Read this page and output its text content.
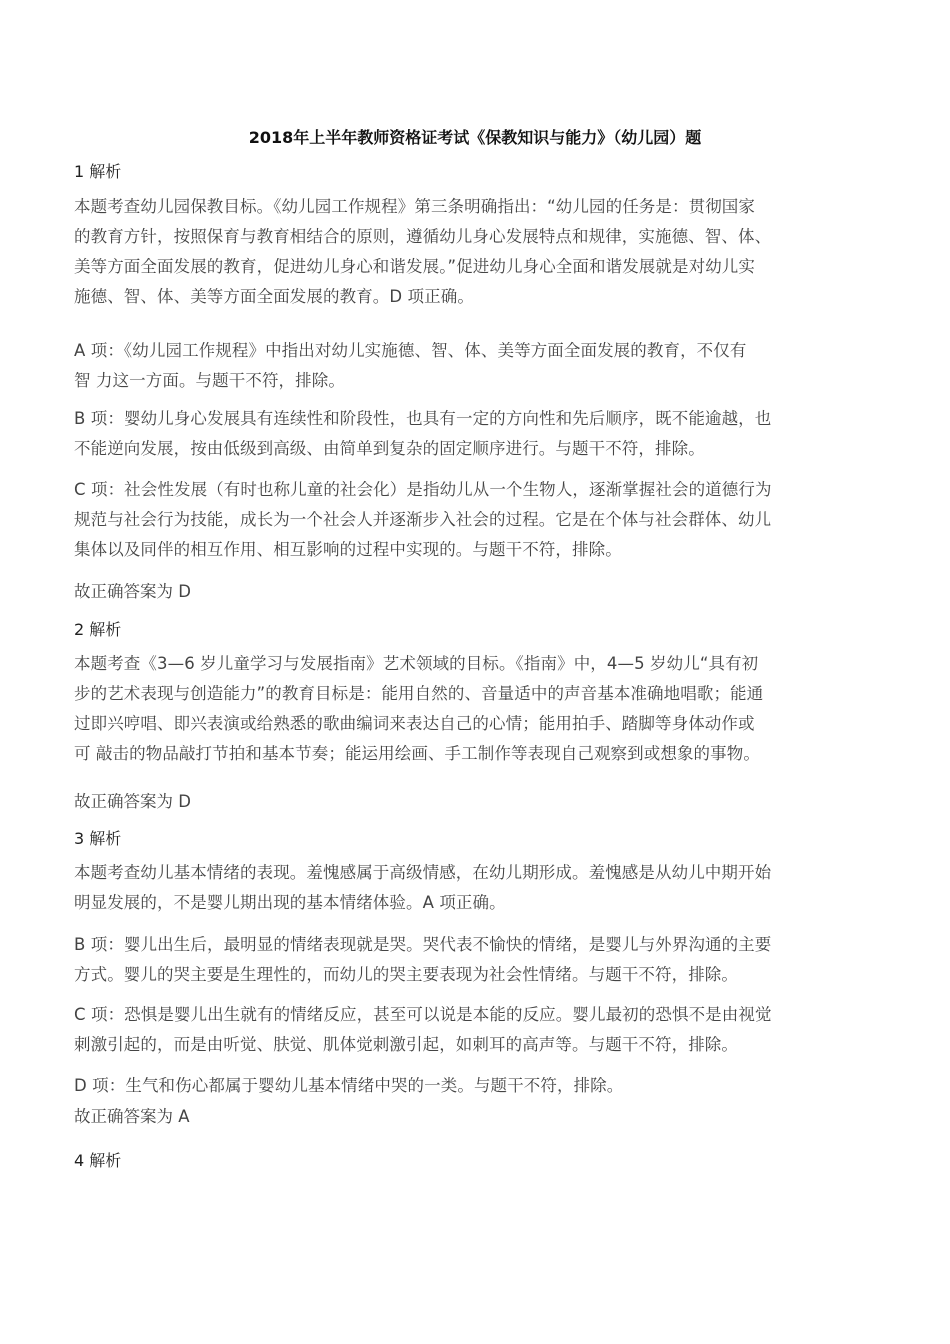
2018年上半年教师资格证考试《保教知识与能力》（幼儿园）题
1 解析
本题考查幼儿园保教目标。《幼儿园工作规程》第三条明确指出：“幼儿园的任务是：贯彻国家
的教育方针，按照保育与教育相结合的原则，遵循幼儿身心发展特点和规律，实施德、智、体、
美等方面全面发展的教育，促进幼儿身心和谐发展。”促进幼儿身心全面和谐发展就是对幼儿实
施德、智、体、美等方面全面发展的教育。D 项正确。
A 项：《幼儿园工作规程》中指出对幼儿实施德、智、体、美等方面全面发展的教育，不仅有
智 力这一方面。与题干不符，排除。
B 项：婴幼儿身心发展具有连续性和阶段性，也具有一定的方向性和先后顺序，既不能逾越，也
不能逆向发展，按由低级到高级、由简单到复杂的固定顺序进行。与题干不符，排除。
C 项：社会性发展（有时也称儿童的社会化）是指幼儿从一个生物人，逐渐掌握社会的道德行为
规范与社会行为技能，成长为一个社会人并逐渐步入社会的过程。它是在个体与社会群体、幼儿
集体以及同伴的相互作用、相互影响的过程中实现的。与题干不符，排除。
故正确答案为 D
2 解析
本题考查《3—6 岁儿童学习与发展指南》艺术领域的目标。《指南》中，4—5 岁幼儿“具有初
步的艺术表现与创造能力”的教育目标是：能用自然的、音量适中的声音基本准确地唱歌；能通
过即兴哼唱、即兴表演或给熟悉的歌曲编词来表达自己的心情；能用拍手、踏脚等身体动作或
可 敲击的物品敲打节拍和基本节奏；能运用绘画、手工制作等表现自己观察到或想象的事物。
故正确答案为 D
3 解析
本题考查幼儿基本情绪的表现。羞愧感属于高级情感，在幼儿期形成。羞愧感是从幼儿中期开始
明显发展的，不是婴儿期出现的基本情绪体验。A 项正确。
B 项：婴儿出生后，最明显的情绪表现就是哭。哭代表不愉快的情绪，是婴儿与外界沟通的主要
方式。婴儿的哭主要是生理性的，而幼儿的哭主要表现为社会性情绪。与题干不符，排除。
C 项：恐惧是婴儿出生就有的情绪反应，甚至可以说是本能的反应。婴儿最初的恐惧不是由视觉
刺激引起的，而是由听觉、肤觉、肌体觉刺激引起，如刺耳的高声等。与题干不符，排除。
D 项：生气和伤心都属于婴幼儿基本情绪中哭的一类。与题干不符，排除。
故正确答案为 A
4 解析
